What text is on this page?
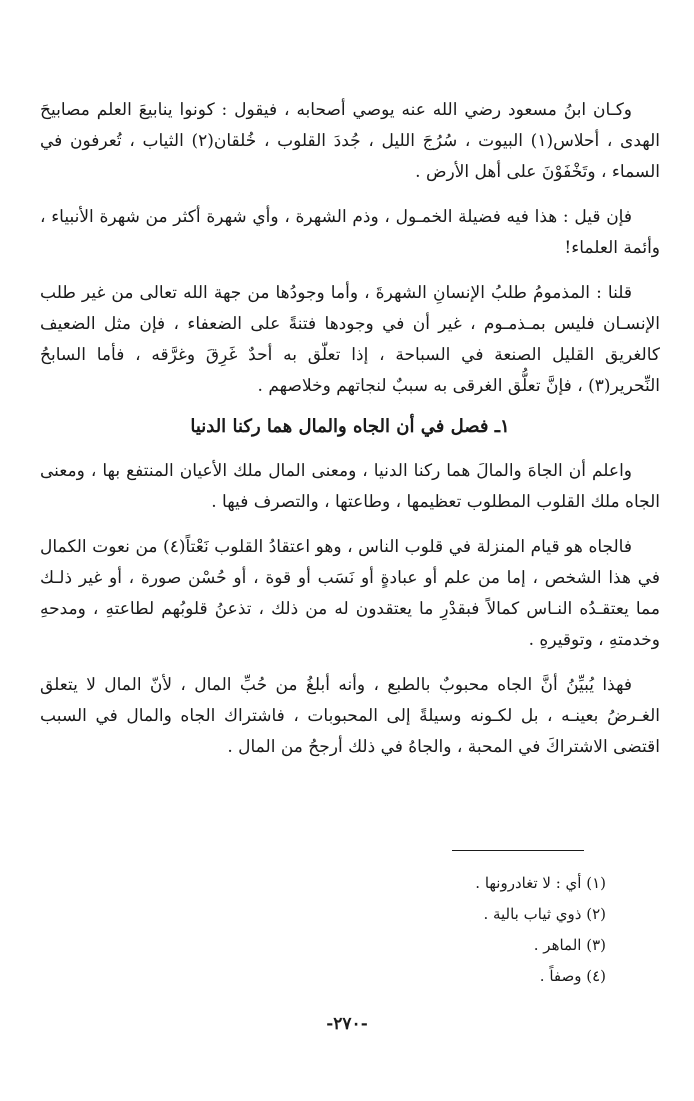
وكـان ابنُ مسعود رضي الله عنه يوصي أصحابه ، فيقول : كونوا ينابيعَ العلم مصابيحَ الهدى ، أحلاس(١) البيوت ، سُرُجَ الليل ، جُددَ القلوب ، خُلقان(٢) الثياب ، تُعرفون في السماء ، وتَخْفَوْنَ على أهل الأرض .

فإن قيل : هذا فيه فضيلة الخمـول ، وذم الشهرة ، وأي شهرة أكثر من شهرة الأنبياء ، وأئمة العلماء!

قلنا : المذمومُ طلبُ الإنسانِ الشهرةَ ، وأما وجودُها من جهة الله تعالى من غير طلب الإنسـان فليس بمـذمـوم ، غير أن في وجودها فتنةً على الضعفاء ، فإن مثل الضعيف كالغريق القليل الصنعة في السباحة ، إذا تعلّق به أحدٌ غَرِقَ وغرَّقه ، فأما السابحُ النِّحرير(٣) ، فإنَّ تعلُّق الغرقى به سببٌ لنجاتهم وخلاصهم .

١ـ فصل في أن الجاه والمال هما ركنا الدنيا

واعلم أن الجاهَ والمالَ هما ركنا الدنيا ، ومعنى المال ملك الأعيان المنتفع بها ، ومعنى الجاه ملك القلوب المطلوب تعظيمها ، وطاعتها ، والتصرف فيها .

فالجاه هو قيام المنزلة في قلوب الناس ، وهو اعتقادُ القلوب نَعْتاً(٤) من نعوت الكمال في هذا الشخص ، إما من علم أو عبادةٍ أو نَسَب أو قوة ، أو حُسْن صورة ، أو غير ذلـك مما يعتقـدُه النـاس كمالاً فبقدْرِ ما يعتقدون له من ذلك ، تذعنُ قلوبُهم لطاعتهِ ، ومدحهِ وخدمتهِ ، وتوقيرهِ .

فهذا يُبيِّنُ أنَّ الجاه محبوبٌ بالطبع ، وأنه أبلغُ من حُبِّ المال ، لأنّ المال لا يتعلق الغـرضُ بعينـه ، بل لكـونه وسيلةً إلى المحبوبات ، فاشتراك الجاه والمال في السبب اقتضى الاشتراكَ في المحبة ، والجاهُ في ذلك أرجحُ من المال .

(١) أي : لا تغادرونها .

(٢) ذوي ثياب بالية .

(٣) الماهر .

(٤) وصفاً .

-٢٧٠-
